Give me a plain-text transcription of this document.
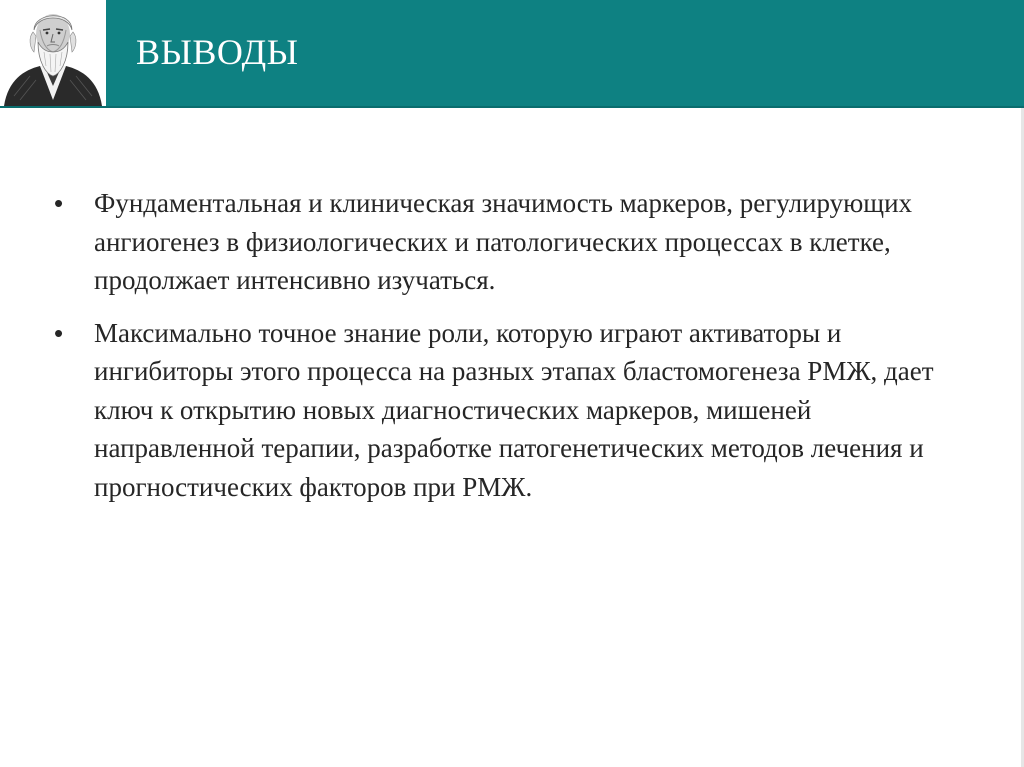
ВЫВОДЫ
• Фундаментальная и клиническая значимость маркеров, регулирующих ангиогенез в физиологических и патологических процессах в клетке, продолжает интенсивно изучаться.
• Максимально точное знание роли, которую играют активаторы и ингибиторы этого процесса на разных этапах бластомогенеза РМЖ, дает ключ к открытию новых диагностических маркеров, мишеней направленной терапии, разработке патогенетических методов лечения и прогностических факторов при РМЖ.
